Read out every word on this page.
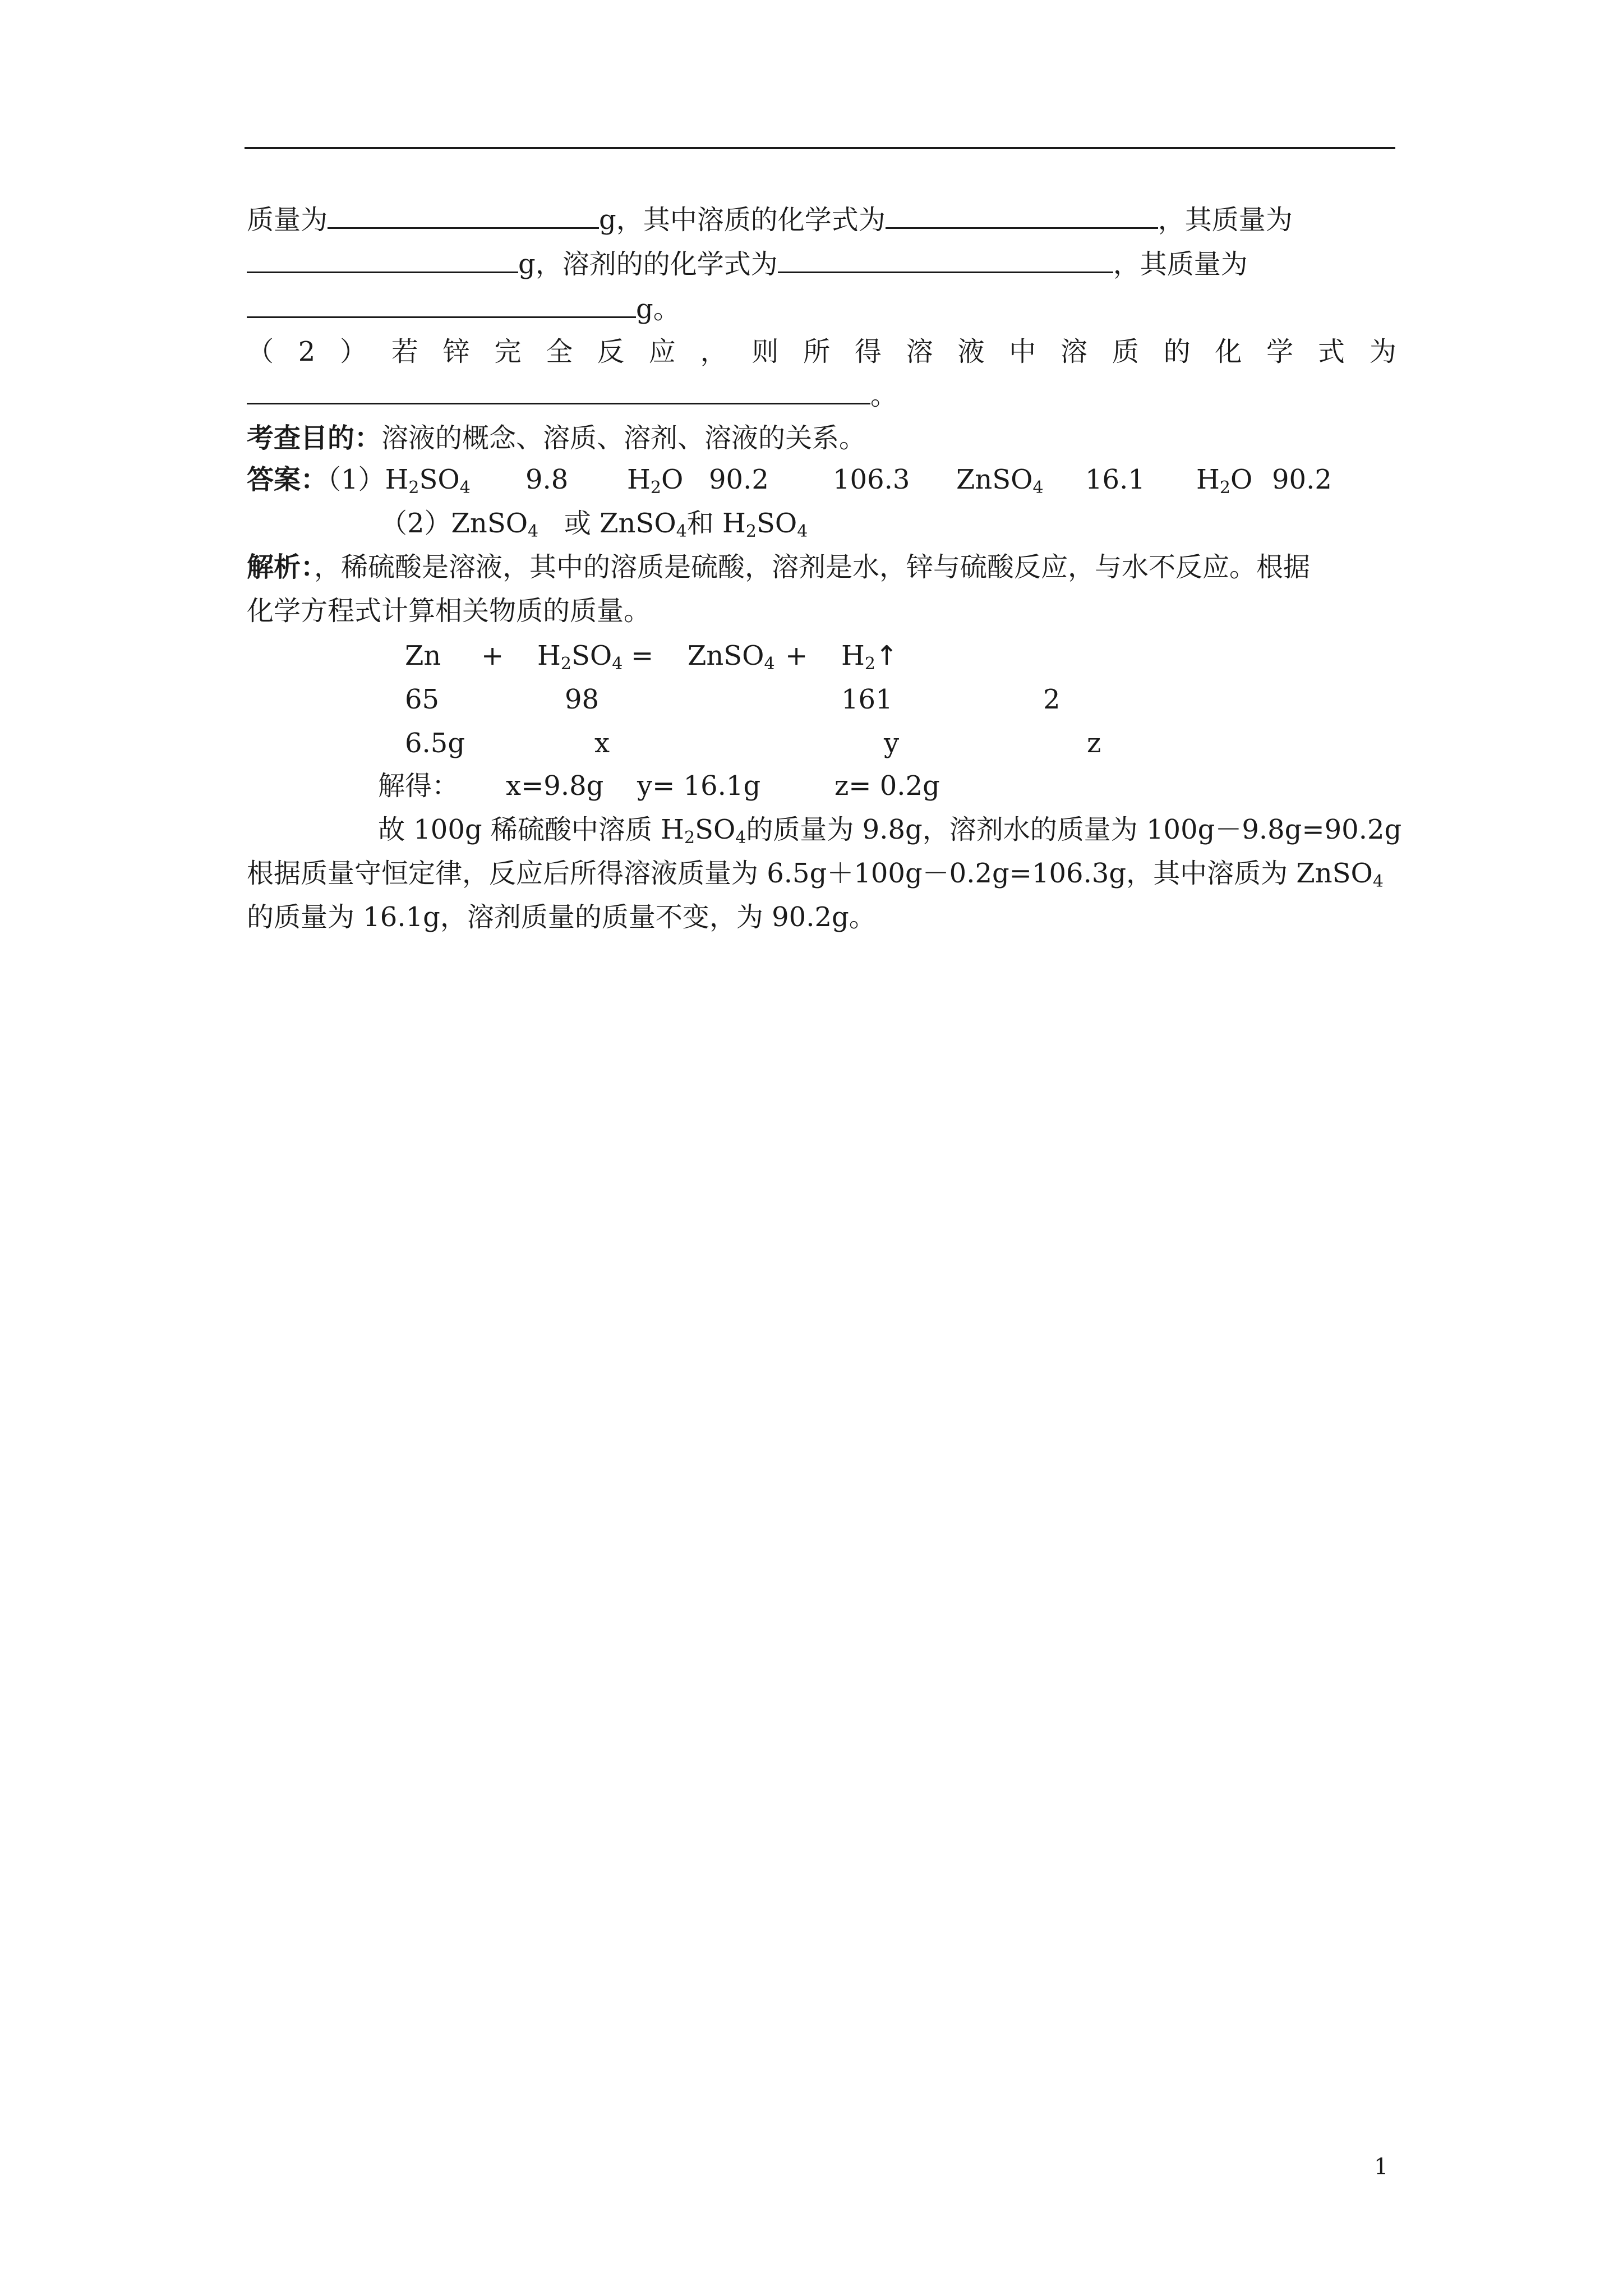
质量为	g，其中溶质的化学式为	，其质量为
g，溶剂的的化学式为	，其质量为
g。
（ 2 ） 若 锌 完 全 反 应 ， 则 所 得 溶 液 中 溶 质 的 化 学 式 为
。
考查目的：溶液的概念、溶质、溶剂、溶液的关系。
答案：$(1)H_2SO_4$	9.8 $H_2O$ 90.2 106.3 ZnSO$_4$ 16.1 $H_2O$ 90.2
（2）ZnSO$_4$ 或 ZnSO$_4$和 $H_2SO_4$
解析：，稀硫酸是溶液，其中的溶质是硫酸，溶剂是水，锌与硫酸反应，与水不反应。根据
化学方程式计算相关物质的质量。
$Zn + H_2SO_4$ = ZnSO$_4$ + $H_2↑$
65	98	161	2
6.5g	x	y	z
解得： x=9.8g y= 16.1g	z= 0.2g
故 100g 稀硫酸中溶质 $H_2SO_4$的质量为 9.8g，溶剂水的质量为 100g－9.8g=90.2g
根据质量守恒定律，反应后所得溶液质量为 6.5g＋100g－0.2g=106.3g，其中溶质为 ZnSO$_4$
的质量为 16.1g，溶剂质量的质量不变，为 90.2g。
1
